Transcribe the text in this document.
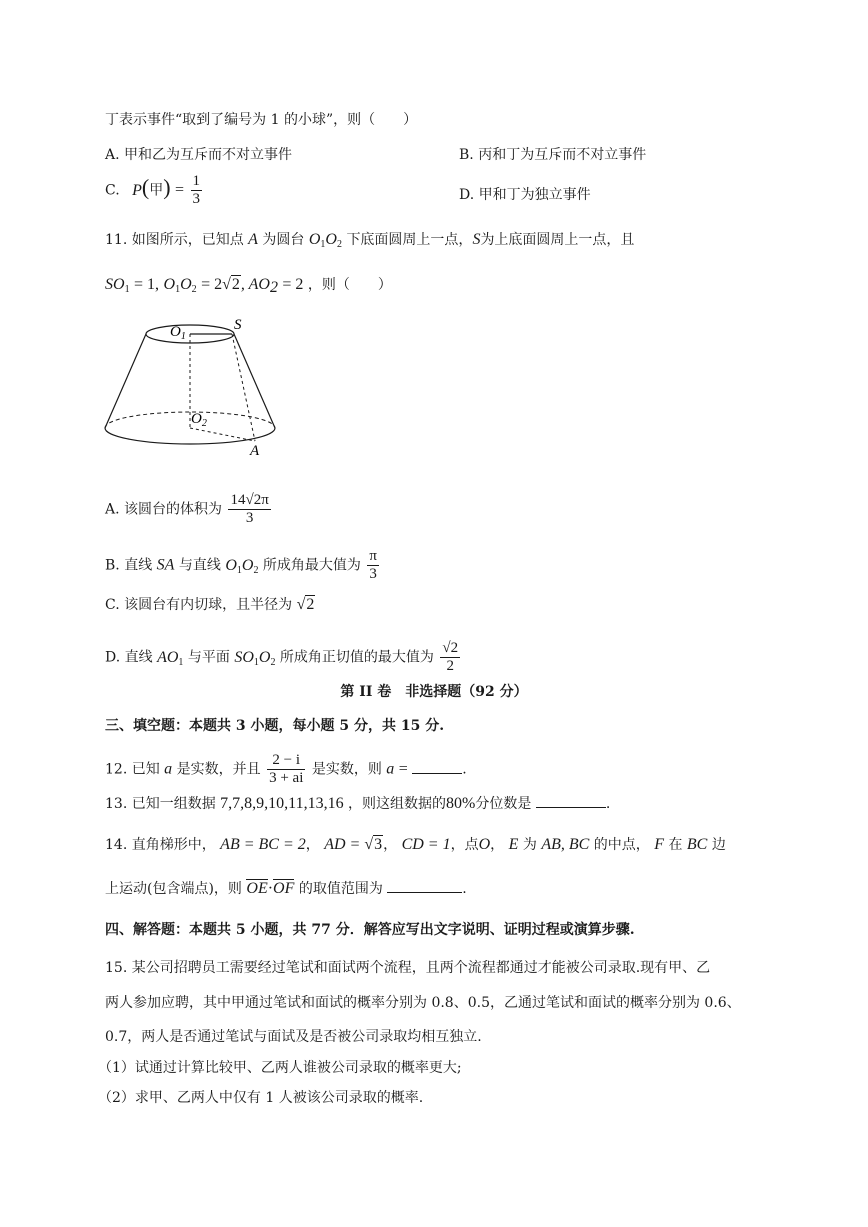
丁表示事件“取到了编号为 1 的小球”，则（　　）
A. 甲和乙为互斥而不对立事件	B. 丙和丁为互斥而不对立事件
C. P(甲) = $\frac{1}{3}$	D. 甲和丁为独立事件
11. 如图所示，已知点 A 为圆台 $O_1O_2$ 下底面圆周上一点，S为上底面圆周上一点，且
$SO_1 = 1$, $O_1O_2 = 2√2$, $AO_2 = 2$ ，则（　　）
$O_1$
S
$O_2$
A
A. 该圆台的体积为 $\frac{14√2\pi}{3}$
B. 直线 SA 与直线 $O_1O_2$ 所成角最大值为 $\frac{\pi}{3}$
C. 该圆台有内切球，且半径为 √2
D. 直线 $AO_1$ 与平面 $SO_1O_2$ 所成角正切值的最大值为 $\frac{√2}{2}$
第 II 卷　非选择题（92 分）
三、填空题：本题共 3 小题，每小题 5 分，共 15 分.
12. 已知 a 是实数，并且 $\frac{2 - i}{3 + ai}$ 是实数，则 a =	.
13. 已知一组数据 7,7,8,9,10,11,13,16 ，则这组数据的80%分位数是	.
14. 直角梯形中， AB = BC = 2， AD = √3， CD = 1，点O， E 为 AB, BC 的中点， F 在 BC 边
上运动(包含端点)，则 OE·OF 的取值范围为	.
四、解答题：本题共 5 小题，共 77 分．解答应写出文字说明、证明过程或演算步骤.
15. 某公司招聘员工需要经过笔试和面试两个流程，且两个流程都通过才能被公司录取.现有甲、乙
两人参加应聘，其中甲通过笔试和面试的概率分别为 0.8、0.5，乙通过笔试和面试的概率分别为 0.6、
0.7，两人是否通过笔试与面试及是否被公司录取均相互独立.
（1）试通过计算比较甲、乙两人谁被公司录取的概率更大;
（2）求甲、乙两人中仅有 1 人被该公司录取的概率.
